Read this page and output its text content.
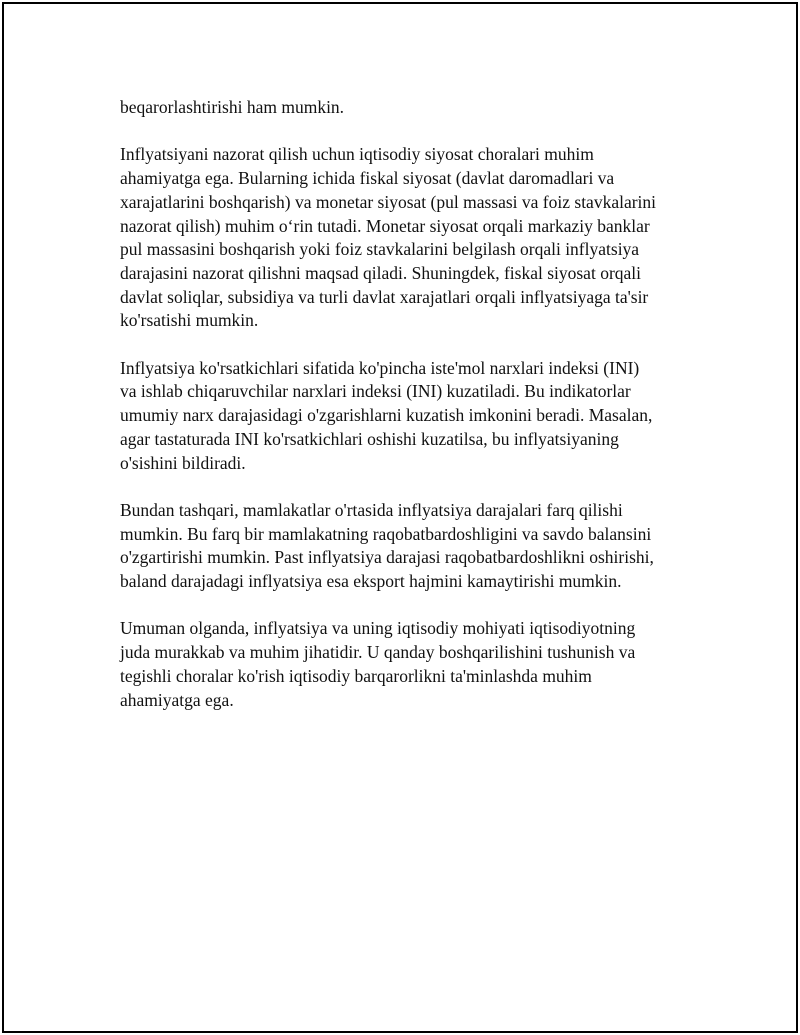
beqarorlashtirishi ham mumkin.

Inflyatsiyani nazorat qilish uchun iqtisodiy siyosat choralari muhim
ahamiyatga ega. Bularning ichida fiskal siyosat (davlat daromadlari va
xarajatlarini boshqarish) va monetar siyosat (pul massasi va foiz stavkalarini
nazorat qilish) muhim o‘rin tutadi. Monetar siyosat orqali markaziy banklar
pul massasini boshqarish yoki foiz stavkalarini belgilash orqali inflyatsiya
darajasini nazorat qilishni maqsad qiladi. Shuningdek, fiskal siyosat orqali
davlat soliqlar, subsidiya va turli davlat xarajatlari orqali inflyatsiyaga ta'sir
ko'rsatishi mumkin.

Inflyatsiya ko'rsatkichlari sifatida ko'pincha iste'mol narxlari indeksi (INI)
va ishlab chiqaruvchilar narxlari indeksi (INI) kuzatiladi. Bu indikatorlar
umumiy narx darajasidagi o'zgarishlarni kuzatish imkonini beradi. Masalan,
agar tastaturada INI ko'rsatkichlari oshishi kuzatilsa, bu inflyatsiyaning
o'sishini bildiradi.

Bundan tashqari, mamlakatlar o'rtasida inflyatsiya darajalari farq qilishi
mumkin. Bu farq bir mamlakatning raqobatbardoshligini va savdo balansini
o'zgartirishi mumkin. Past inflyatsiya darajasi raqobatbardoshlikni oshirishi,
baland darajadagi inflyatsiya esa eksport hajmini kamaytirishi mumkin.

Umuman olganda, inflyatsiya va uning iqtisodiy mohiyati iqtisodiyotning
juda murakkab va muhim jihatidir. U qanday boshqarilishini tushunish va
tegishli choralar ko'rish iqtisodiy barqarorlikni ta'minlashda muhim
ahamiyatga ega.
